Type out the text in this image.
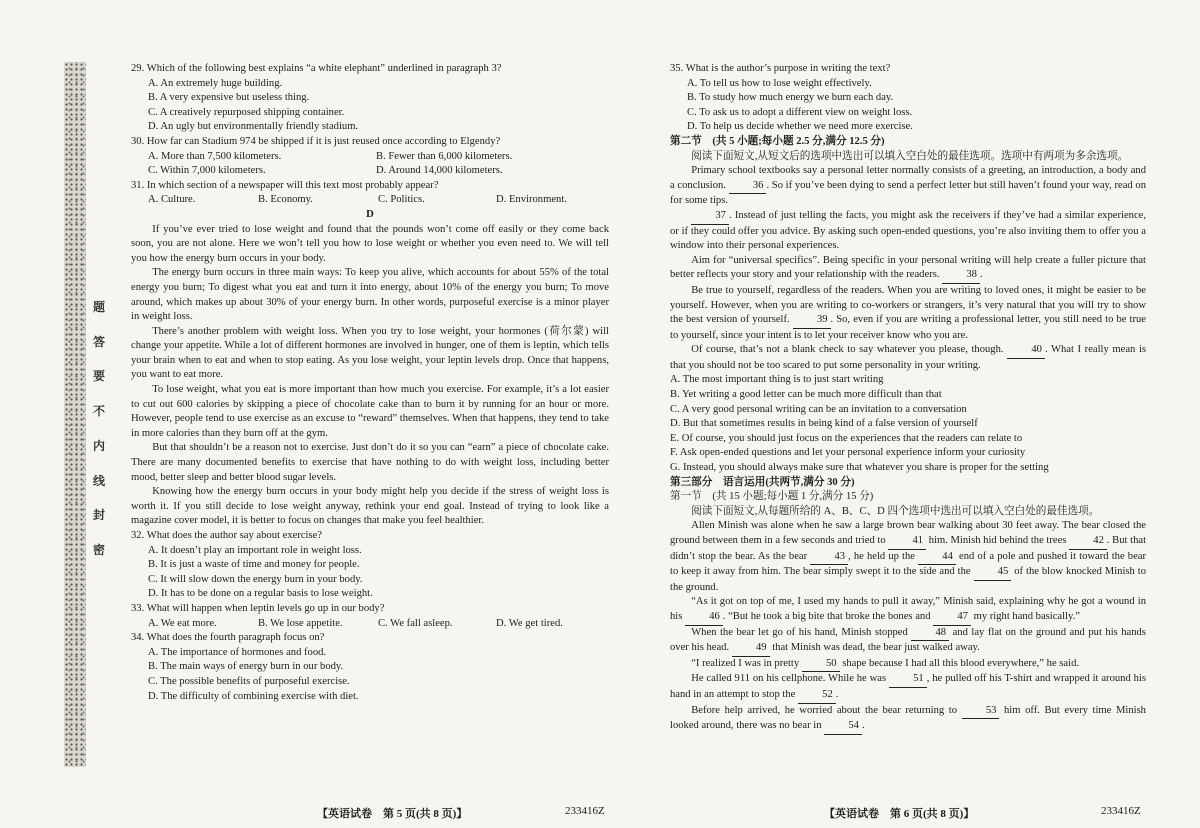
题
答
要
不
内
线
封
密

29. Which of the following best explains “a white elephant” underlined in paragraph 3?

A. An extremely huge building.

B. A very expensive but useless thing.

C. A creatively repurposed shipping container.

D. An ugly but environmentally friendly stadium.

30. How far can Stadium 974 be shipped if it is just reused once according to Elgendy?

A. More than 7,500 kilometers.	B. Fewer than 6,000 kilometers.
C. Within 7,000 kilometers.	D. Around 14,000 kilometers.

31. In which section of a newspaper will this text most probably appear?

A. Culture.	B. Economy.	C. Politics.	D. Environment.

D

If you’ve ever tried to lose weight and found that the pounds won’t come off easily or they come back soon, you are not alone. Here we won’t tell you how to lose weight or whether you even need to. We will tell you how the energy burn occurs in your body.

The energy burn occurs in three main ways: To keep you alive, which accounts for about 55% of the total energy you burn; To digest what you eat and turn it into energy, about 10% of the energy you burn; To move around, which makes up about 30% of your energy burn. In other words, purposeful exercise is a minor player in weight loss.

There’s another problem with weight loss. When you try to lose weight, your hormones (荷尔蒙) will change your appetite. While a lot of different hormones are involved in hunger, one of them is leptin, which tells your brain when to eat and when to stop eating. As you lose weight, your leptin levels drop. Once that happens, you want to eat more.

To lose weight, what you eat is more important than how much you exercise. For example, it’s a lot easier to cut out 600 calories by skipping a piece of chocolate cake than to burn it by running for an hour or more. However, people tend to use exercise as an excuse to “reward” themselves. When that happens, they tend to take in more calories than they burn off at the gym.

But that shouldn’t be a reason not to exercise. Just don’t do it so you can “earn” a piece of chocolate cake. There are many documented benefits to exercise that have nothing to do with weight loss, including better mood, better sleep and better blood sugar levels.

Knowing how the energy burn occurs in your body might help you decide if the stress of weight loss is worth it. If you still decide to lose weight anyway, rethink your end goal. Instead of trying to look like a magazine cover model, it is better to focus on changes that make you feel healthier.

32. What does the author say about exercise?

A. It doesn’t play an important role in weight loss.

B. It is just a waste of time and money for people.

C. It will slow down the energy burn in your body.

D. It has to be done on a regular basis to lose weight.

33. What will happen when leptin levels go up in our body?

A. We eat more.	B. We lose appetite.	C. We fall asleep.	D. We get tired.

34. What does the fourth paragraph focus on?

A. The importance of hormones and food.

B. The main ways of energy burn in our body.

C. The possible benefits of purposeful exercise.

D. The difficulty of combining exercise with diet.

35. What is the author’s purpose in writing the text?

A. To tell us how to lose weight effectively.

B. To study how much energy we burn each day.

C. To ask us to adopt a different view on weight loss.

D. To help us decide whether we need more exercise.

第二节　(共 5 小题;每小题 2.5 分,满分 12.5 分)

阅读下面短文,从短文后的选项中选出可以填入空白处的最佳选项。选项中有两项为多余选项。

Primary school textbooks say a personal letter normally consists of a greeting, an introduction, a body and a conclusion.	36 . So if you’ve been dying to send a perfect letter but still haven’t found your way, read on for some tips.

37 . Instead of just telling the facts, you might ask the receivers if they’ve had a similar experience, or if they could offer you advice. By asking such open-ended questions, you’re also inviting them to offer you a window into their personal experiences.

Aim for “universal specifics”. Being specific in your personal writing will help create a fuller picture that better reflects your story and your relationship with the readers.	38 .

Be true to yourself, regardless of the readers. When you are writing to loved ones, it might be easier to be yourself. However, when you are writing to co-workers or strangers, it’s very natural that you will try to show the best version of yourself.	39 . So, even if you are writing a professional letter, you still need to be true to yourself, since your intent is to let your receiver know who you are.

Of course, that’s not a blank check to say whatever you please, though.	40 . What I really mean is that you should not be too scared to put some personality in your writing.

A. The most important thing is to just start writing

B. Yet writing a good letter can be much more difficult than that

C. A very good personal writing can be an invitation to a conversation

D. But that sometimes results in being kind of a false version of yourself

E. Of course, you should just focus on the experiences that the readers can relate to

F. Ask open-ended questions and let your personal experience inform your curiosity

G. Instead, you should always make sure that whatever you share is proper for the setting

第三部分　语言运用(共两节,满分 30 分)

第一节　(共 15 小题;每小题 1 分,满分 15 分)

阅读下面短文,从每题所给的 A、B、C、D 四个选项中选出可以填入空白处的最佳选项。

Allen Minish was alone when he saw a large brown bear walking about 30 feet away. The bear closed the ground between them in a few seconds and tried to 41 him. Minish hid behind the trees 42 . But that didn’t stop the bear. As the bear 43 , he held up the 44 end of a pole and pushed it toward the bear to keep it away from him. The bear simply swept it to the side and the 45 of the blow knocked Minish to the ground.

“As it got on top of me, I used my hands to pull it away,” Minish said, explaining why he got a wound in his 46 . “But he took a big bite that broke the bones and 47 my right hand basically.”

When the bear let go of his hand, Minish stopped 48 and lay flat on the ground and put his hands over his head. 49 that Minish was dead, the bear just walked away.

“I realized I was in pretty 50 shape because I had all this blood everywhere,” he said.

He called 911 on his cellphone. While he was 51 , he pulled off his T-shirt and wrapped it around his hand in an attempt to stop the 52 .

Before help arrived, he worried about the bear returning to 53 him off. But every time Minish looked around, there was no bear in 54 .

【英语试卷　第 5 页(共 8 页)】	233416Z	【英语试卷　第 6 页(共 8 页)】	233416Z
